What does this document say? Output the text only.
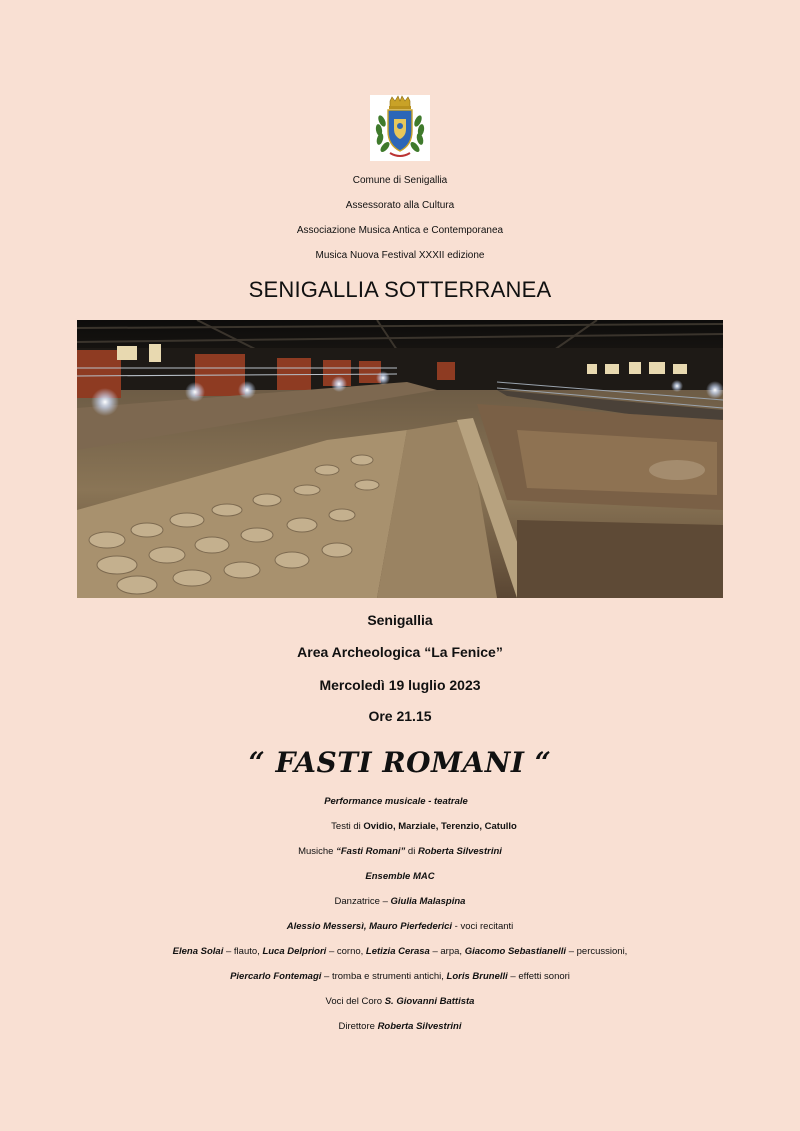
Comune di Senigallia
Assessorato alla Cultura
Associazione Musica Antica e Contemporanea
Musica Nuova Festival XXXII edizione
SENIGALLIA SOTTERRANEA
Senigallia
Area Archeologica “La Fenice”
Mercoledì 19 luglio 2023
Ore 21.15
“ FASTI ROMANI “
Performance musicale - teatrale
Testi di Ovidio, Marziale, Terenzio, Catullo
Musiche “Fasti Romani” di Roberta Silvestrini
Ensemble MAC
Danzatrice – Giulia Malaspina
Alessio Messersì, Mauro Pierfederici - voci recitanti
Elena Solai – flauto, Luca Delpriori – corno, Letizia Cerasa – arpa, Giacomo Sebastianelli – percussioni,
Piercarlo Fontemagi – tromba e strumenti antichi, Loris Brunelli – effetti sonori
Voci del Coro S. Giovanni Battista
Direttore Roberta Silvestrini
